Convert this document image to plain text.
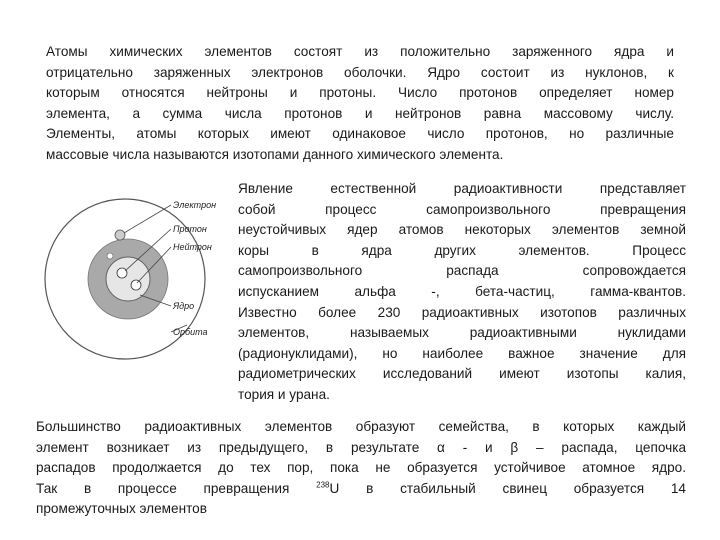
Атомы химических элементов состоят из положительно заряженного ядра и
отрицательно заряженных электронов оболочки. Ядро состоит из нуклонов, к
которым относятся нейтроны и протоны. Число протонов определяет номер
элемента, а сумма числа протонов и нейтронов равна массовому числу.
Элементы, атомы которых имеют одинаковое число протонов, но различные
массовые числа называются изотопами данного химического элемента.
Электрон
Протон
Нейтрон
Ядро
Орбита
Явление естественной радиоактивности представляет
собой процесс самопроизвольного превращения
неустойчивых ядер атомов некоторых элементов земной
коры в ядра других элементов. Процесс
самопроизвольного распада сопровождается
испусканием альфа -, бета-частиц, гамма-квантов.
Известно более 230 радиоактивных изотопов различных
элементов, называемых радиоактивными нуклидами
(радионуклидами), но наиболее важное значение для
радиометрических исследований имеют изотопы калия,
тория и урана.
Большинство радиоактивных элементов образуют семейства, в которых каждый
элемент возникает из предыдущего, в результате α - и β – распада, цепочка
распадов продолжается до тех пор, пока не образуется устойчивое атомное ядро.
Так в процессе превращения $^{238}$U в стабильный свинец образуется 14
промежуточных элементов
